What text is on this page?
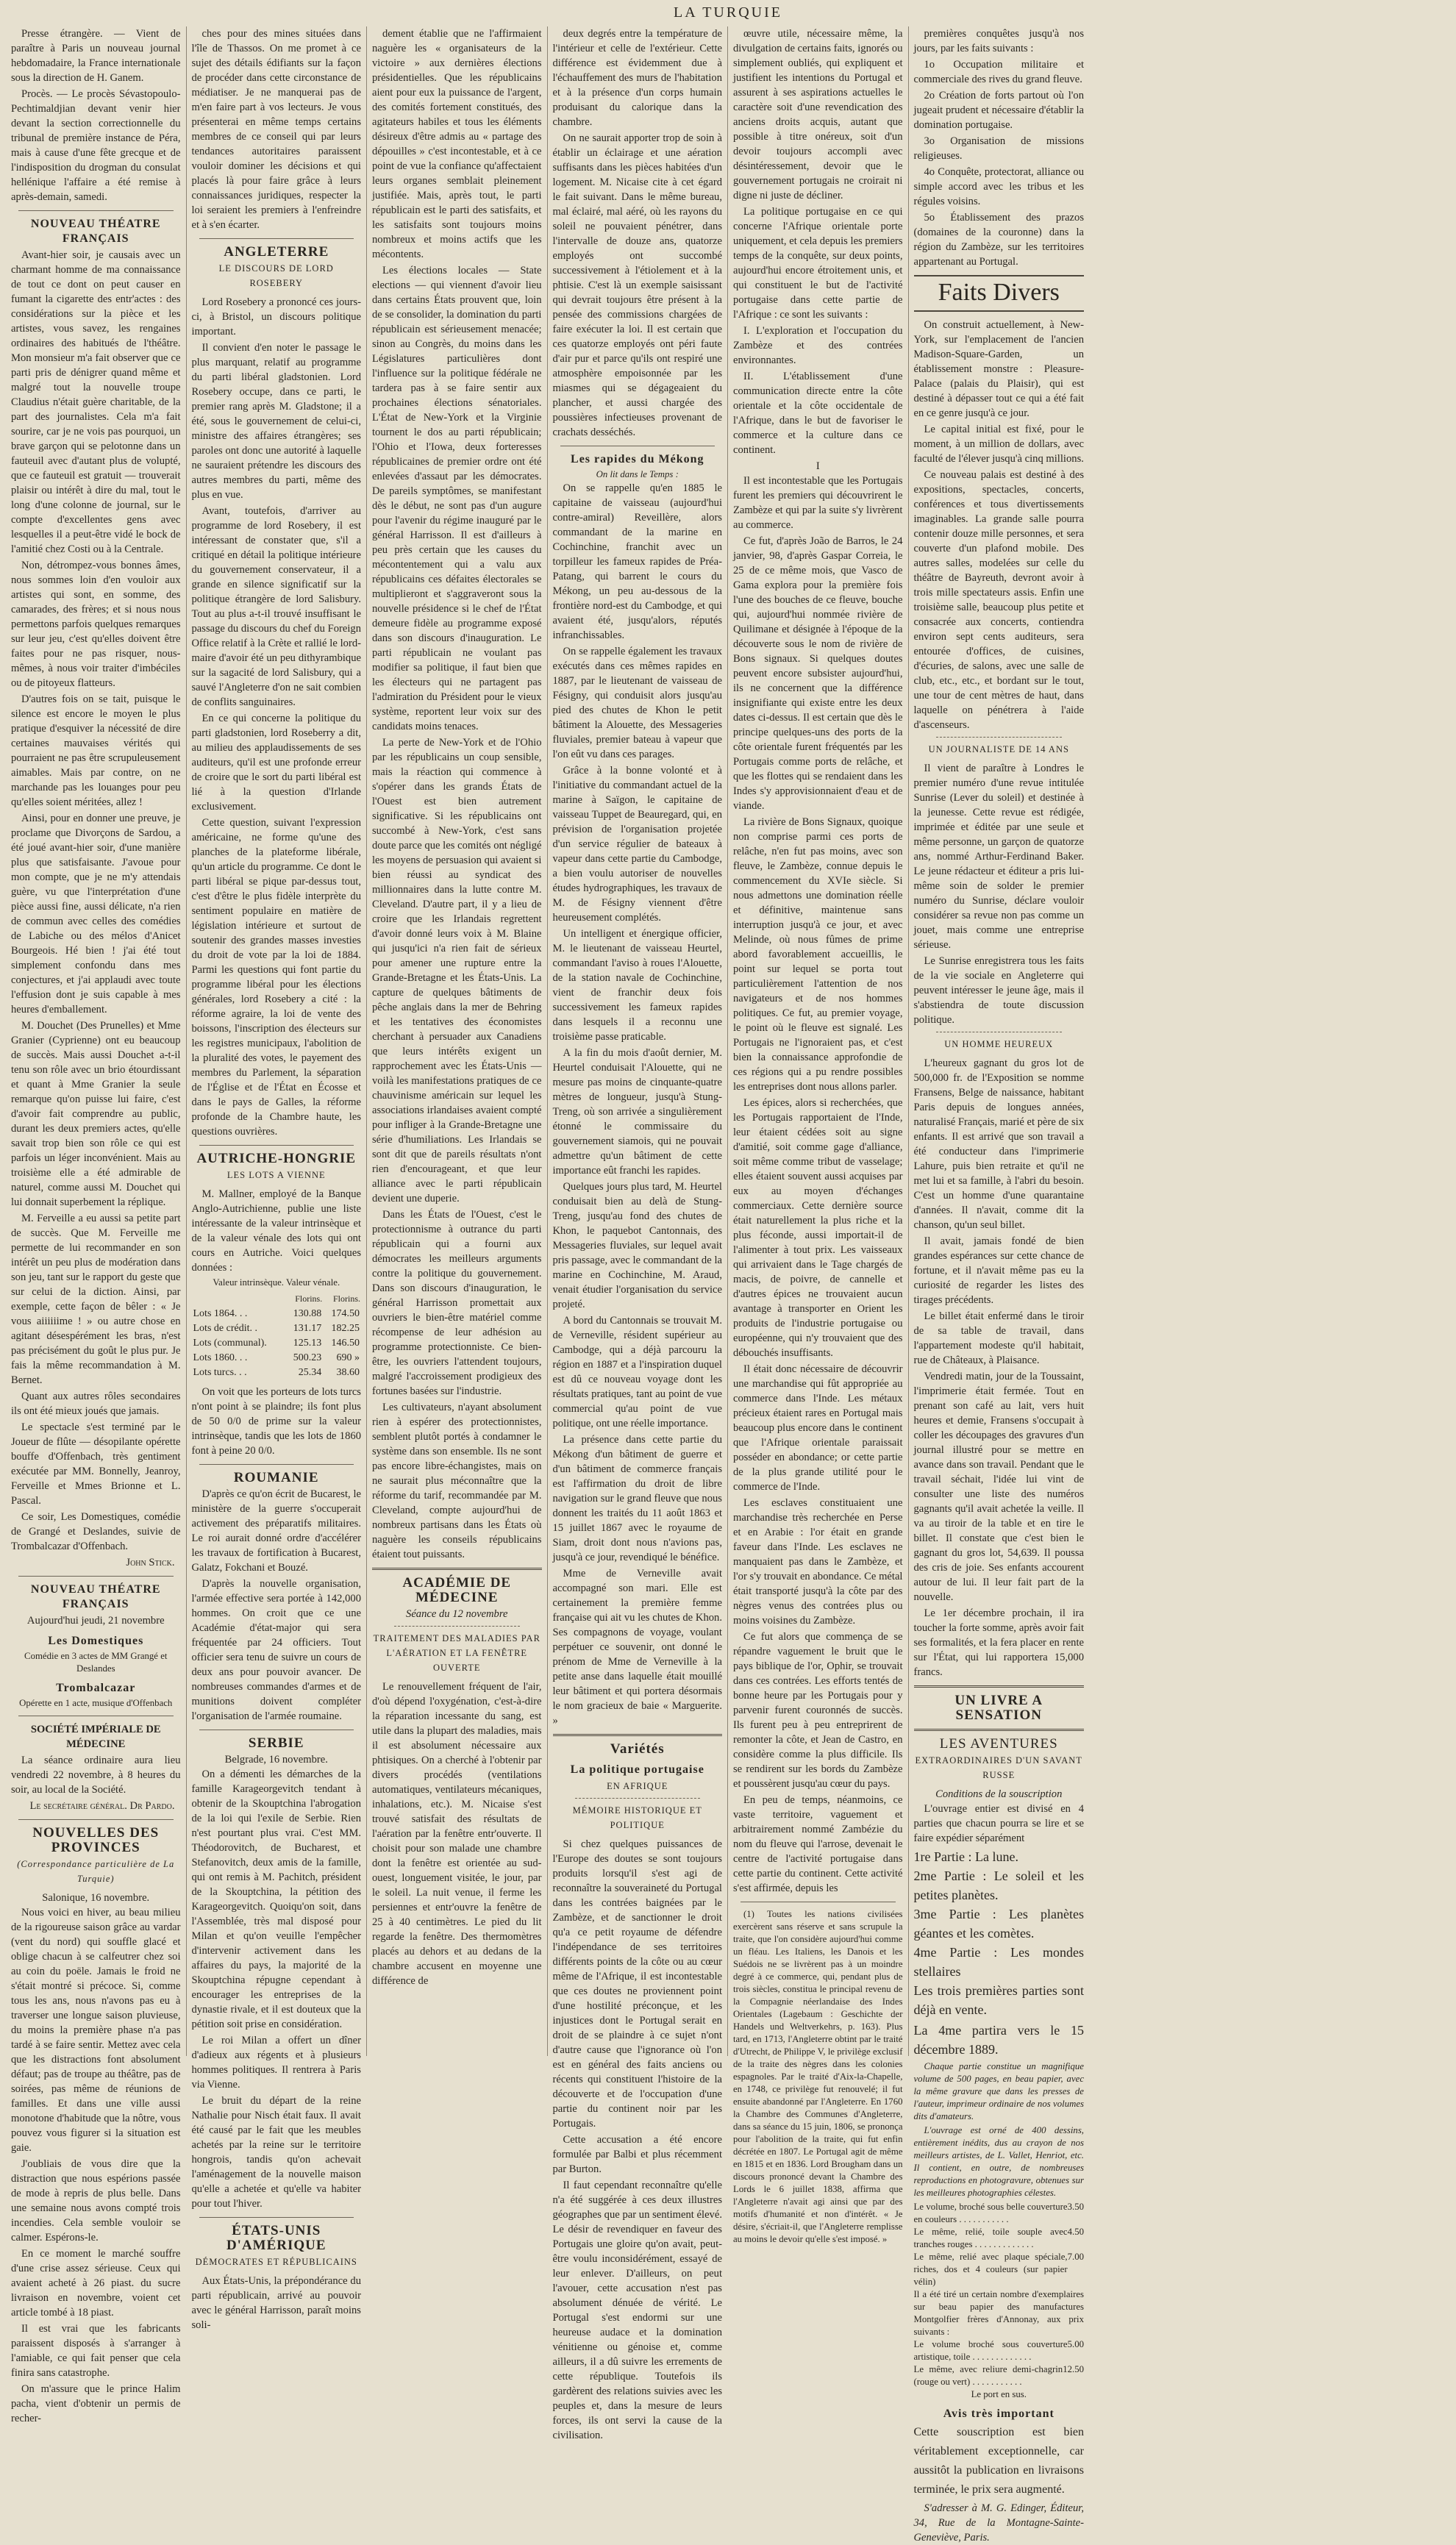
LA TURQUIE

Presse étrangère. — Vient de paraître à Paris un nouveau journal hebdomadaire, la France internationale sous la direction de H. Ganem.

Procès. — Le procès Sévastopoulo-Pechtimaldjian devant venir hier devant la section correctionnelle du tribunal de première instance de Péra, mais à cause d'une fête grecque et de l'indisposition du drogman du consulat hellénique l'affaire a été remise à après-demain, samedi.

NOUVEAU THÉATRE FRANÇAIS

Avant-hier soir, je causais avec un charmant homme de ma connaissance de tout ce dont on peut causer en fumant la cigarette des entr'actes : des considérations sur la pièce et les artistes, vous savez, les rengaines ordinaires des habitués de l'théâtre. Mon monsieur m'a fait observer que ce parti pris de dénigrer quand même et malgré tout la nouvelle troupe Claudius n'était guère charitable, de la part des journalistes. Cela m'a fait sourire, car je ne vois pas pourquoi, un brave garçon qui se pelotonne dans un fauteuil avec d'autant plus de volupté, que ce fauteuil est gratuit — trouverait plaisir ou intérêt à dire du mal, tout le long d'une colonne de journal, sur le compte d'excellentes gens avec lesquelles il a peut-être vidé le bock de l'amitié chez Costi ou à la Centrale.

Non, détrompez-vous bonnes âmes, nous sommes loin d'en vouloir aux artistes qui sont, en somme, des camarades, des frères; et si nous nous permettons parfois quelques remarques sur leur jeu, c'est qu'elles doivent être faites pour ne pas risquer, nous-mêmes, à nous voir traiter d'imbéciles ou de pitoyeux flatteurs.

D'autres fois on se tait, puisque le silence est encore le moyen le plus pratique d'esquiver la nécessité de dire certaines mauvaises vérités qui pourraient ne pas être scrupuleusement aimables. Mais par contre, on ne marchande pas les louanges pour peu qu'elles soient méritées, allez !

Ainsi, pour en donner une preuve, je proclame que Divorçons de Sardou, a été joué avant-hier soir, d'une manière plus que satisfaisante. J'avoue pour mon compte, que je ne m'y attendais guère, vu que l'interprétation d'une pièce aussi fine, aussi délicate, n'a rien de commun avec celles des comédies de Labiche ou des mélos d'Anicet Bourgeois. Hé bien ! j'ai été tout simplement confondu dans mes conjectures, et j'ai applaudi avec toute l'effusion dont je suis capable à mes heures d'emballement.

M. Douchet (Des Prunelles) et Mme Granier (Cyprienne) ont eu beaucoup de succès. Mais aussi Douchet a-t-il tenu son rôle avec un brio étourdissant et quant à Mme Granier la seule remarque qu'on puisse lui faire, c'est d'avoir fait comprendre au public, durant les deux premiers actes, qu'elle savait trop bien son rôle ce qui est parfois un léger inconvénient. Mais au troisième elle a été admirable de naturel, comme aussi M. Douchet qui lui donnait superbement la réplique.

M. Ferveille a eu aussi sa petite part de succès. Que M. Ferveille me permette de lui recommander en son intérêt un peu plus de modération dans son jeu, tant sur le rapport du geste que sur celui de la diction. Ainsi, par exemple, cette façon de bêler : « Je vous aiiiiiime ! » ou autre chose en agitant désespérément les bras, n'est pas précisément du goût le plus pur. Je fais la même recommandation à M. Bernet.

Quant aux autres rôles secondaires ils ont été mieux joués que jamais.

Le spectacle s'est terminé par le Joueur de flûte — désopilante opérette bouffe d'Offenbach, très gentiment exécutée par MM. Bonnelly, Jeanroy, Ferveille et Mmes Brionne et L. Pascal.

Ce soir, Les Domestiques, comédie de Grangé et Deslandes, suivie de Trombalcazar d'Offenbach.

John Stick.
NOUVEAU THÉATRE FRANÇAIS
Aujourd'hui jeudi, 21 novembre
Les Domestiques
Comédie en 3 actes de MM Grangé et Deslandes
Trombalcazar
Opérette en 1 acte, musique d'Offenbach
SOCIÉTÉ IMPÉRIALE DE MÉDECINE

La séance ordinaire aura lieu vendredi 22 novembre, à 8 heures du soir, au local de la Société.

Le secrétaire général. Dr Pardo.
NOUVELLES DES PROVINCES
(Correspondance particulière de La Turquie)
Salonique, 16 novembre.

Nous voici en hiver, au beau milieu de la rigoureuse saison grâce au vardar (vent du nord) qui souffle glacé et oblige chacun à se calfeutrer chez soi au coin du poële. Jamais le froid ne s'était montré si précoce. Si, comme tous les ans, nous n'avons pas eu à traverser une longue saison pluvieuse, du moins la première phase n'a pas tardé à se faire sentir. Mettez avec cela que les distractions font absolument défaut; pas de troupe au théâtre, pas de soirées, pas même de réunions de familles. Et dans une ville aussi monotone d'habitude que la nôtre, vous pouvez vous figurer si la situation est gaie.

J'oubliais de vous dire que la distraction que nous espérions passée de mode à repris de plus belle. Dans une semaine nous avons compté trois incendies. Cela semble vouloir se calmer. Espérons-le.

En ce moment le marché souffre d'une crise assez sérieuse. Ceux qui avaient acheté à 26 piast. du sucre livraison en novembre, voient cet article tombé à 18 piast.

Il est vrai que les fabricants paraissent disposés à s'arranger à l'amiable, ce qui fait penser que cela finira sans catastrophe.

On m'assure que le prince Halim pacha, vient d'obtenir un permis de recher-

ches pour des mines situées dans l'île de Thassos. On me promet à ce sujet des détails édifiants sur la façon de procéder dans cette circonstance de médiatiser. Je ne manquerai pas de m'en faire part à vos lecteurs. Je vous présenterai en même temps certains membres de ce conseil qui par leurs tendances autoritaires paraissent vouloir dominer les décisions et qui placés là pour faire grâce à leurs connaissances juridiques, respecter la loi seraient les premiers à l'enfreindre et à s'en écarter.

ANGLETERRE
LE DISCOURS DE LORD ROSEBERY

Lord Rosebery a prononcé ces jours-ci, à Bristol, un discours politique important.

Il convient d'en noter le passage le plus marquant, relatif au programme du parti libéral gladstonien. Lord Rosebery occupe, dans ce parti, le premier rang après M. Gladstone; il a été, sous le gouvernement de celui-ci, ministre des affaires étrangères; ses paroles ont donc une autorité à laquelle ne sauraient prétendre les discours des autres membres du parti, même des plus en vue.

Avant, toutefois, d'arriver au programme de lord Rosebery, il est intéressant de constater que, s'il a critiqué en détail la politique intérieure du gouvernement conservateur, il a grande en silence significatif sur la politique étrangère de lord Salisbury. Tout au plus a-t-il trouvé insuffisant le passage du discours du chef du Foreign Office relatif à la Crète et rallié le lord-maire d'avoir été un peu dithyrambique sur la sagacité de lord Salisbury, qui a sauvé l'Angleterre d'on ne sait combien de conflits sanguinaires.

En ce qui concerne la politique du parti gladstonien, lord Roseberry a dit, au milieu des applaudissements de ses auditeurs, qu'il est une profonde erreur de croire que le sort du parti libéral est lié à la question d'Irlande exclusivement.

Cette question, suivant l'expression américaine, ne forme qu'une des planches de la plateforme libérale, qu'un article du programme. Ce dont le parti libéral se pique par-dessus tout, c'est d'être le plus fidèle interprète du sentiment populaire en matière de législation intérieure et surtout de soutenir des grandes masses investies du droit de vote par la loi de 1884. Parmi les questions qui font partie du programme libéral pour les élections générales, lord Rosebery a cité : la réforme agraire, la loi de vente des boissons, l'inscription des électeurs sur les registres municipaux, l'abolition de la pluralité des votes, le payement des membres du Parlement, la séparation de l'Église et de l'État en Écosse et dans le pays de Galles, la réforme profonde de la Chambre haute, les questions ouvrières.

AUTRICHE-HONGRIE
LES LOTS A VIENNE

M. Mallner, employé de la Banque Anglo-Autrichienne, publie une liste intéressante de la valeur intrinsèque et de la valeur vénale des lots qui ont cours en Autriche. Voici quelques données :

Valeur intrinsèque. Valeur vénale.
	Florins.	Florins.
Lots 1864. . .	130.88	174.50
Lots de crédit. .	131.17	182.25
Lots (communal).	125.13	146.50
Lots 1860. . .	500.23	690 »
Lots turcs. . .	25.34	38.60

On voit que les porteurs de lots turcs n'ont point à se plaindre; ils font plus de 50 0/0 de prime sur la valeur intrinsèque, tandis que les lots de 1860 font à peine 20 0/0.

ROUMANIE

D'après ce qu'on écrit de Bucarest, le ministère de la guerre s'occuperait activement des préparatifs militaires. Le roi aurait donné ordre d'accélérer les travaux de fortification à Bucarest, Galatz, Fokchani et Bouzé.

D'après la nouvelle organisation, l'armée effective sera portée à 142,000 hommes. On croit que ce une Académie d'état-major qui sera fréquentée par 24 officiers. Tout officier sera tenu de suivre un cours de deux ans pour pouvoir avancer. De nombreuses commandes d'armes et de munitions doivent compléter l'organisation de l'armée roumaine.

SERBIE
Belgrade, 16 novembre.

On a démenti les démarches de la famille Karageorgevitch tendant à obtenir de la Skouptchina l'abrogation de la loi qui l'exile de Serbie. Rien n'est pourtant plus vrai. C'est MM. Théodorovitch, de Bucharest, et Stefanovitch, deux amis de la famille, qui ont remis à M. Pachitch, président de la Skouptchina, la pétition des Karageorgevitch. Quoiqu'on soit, dans l'Assemblée, très mal disposé pour Milan et qu'on veuille l'empêcher d'intervenir activement dans les affaires du pays, la majorité de la Skouptchina répugne cependant à encourager les entreprises de la dynastie rivale, et il est douteux que la pétition soit prise en considération.

Le roi Milan a offert un dîner d'adieux aux régents et à plusieurs hommes politiques. Il rentrera à Paris via Vienne.

Le bruit du départ de la reine Nathalie pour Nisch était faux. Il avait été causé par le fait que les meubles achetés par la reine sur le territoire hongrois, tandis qu'on achevait l'aménagement de la nouvelle maison qu'elle a achetée et qu'elle va habiter pour tout l'hiver.

ÉTATS-UNIS D'AMÉRIQUE
DÉMOCRATES ET RÉPUBLICAINS

Aux États-Unis, la prépondérance du parti républicain, arrivé au pouvoir avec le général Harrisson, paraît moins soli-

dement établie que ne l'affirmaient naguère les « organisateurs de la victoire » aux dernières élections présidentielles. Que les républicains aient pour eux la puissance de l'argent, des comités fortement constitués, des agitateurs habiles et tous les éléments désireux d'être admis au « partage des dépouilles » c'est incontestable, et à ce point de vue la confiance qu'affectaient leurs organes semblait pleinement justifiée. Mais, après tout, le parti républicain est le parti des satisfaits, et les satisfaits sont toujours moins nombreux et moins actifs que les mécontents.

Les élections locales — State elections — qui viennent d'avoir lieu dans certains États prouvent que, loin de se consolider, la domination du parti républicain est sérieusement menacée; sinon au Congrès, du moins dans les Législatures particulières dont l'influence sur la politique fédérale ne tardera pas à se faire sentir aux prochaines élections sénatoriales. L'État de New-York et la Virginie tournent le dos au parti républicain; l'Ohio et l'Iowa, deux forteresses républicaines de premier ordre ont été enlevées d'assaut par les démocrates. De pareils symptômes, se manifestant dès le début, ne sont pas d'un augure pour l'avenir du régime inauguré par le général Harrisson. Il est d'ailleurs à peu près certain que les causes du mécontentement qui a valu aux républicains ces défaites électorales se multiplieront et s'aggraveront sous la nouvelle présidence si le chef de l'État demeure fidèle au programme exposé dans son discours d'inauguration. Le parti républicain ne voulant pas modifier sa politique, il faut bien que les électeurs qui ne partagent pas l'admiration du Président pour le vieux système, reportent leur voix sur des candidats moins tenaces.

La perte de New-York et de l'Ohio par les républicains un coup sensible, mais la réaction qui commence à s'opérer dans les grands États de l'Ouest est bien autrement significative. Si les républicains ont succombé à New-York, c'est sans doute parce que les comités ont négligé les moyens de persuasion qui avaient si bien réussi au syndicat des millionnaires dans la lutte contre M. Cleveland. D'autre part, il y a lieu de croire que les Irlandais regrettent d'avoir donné leurs voix à M. Blaine qui jusqu'ici n'a rien fait de sérieux pour amener une rupture entre la Grande-Bretagne et les États-Unis. La capture de quelques bâtiments de pêche anglais dans la mer de Behring et les tentatives des économistes cherchant à persuader aux Canadiens que leurs intérêts exigent un rapprochement avec les États-Unis — voilà les manifestations pratiques de ce chauvinisme américain sur lequel les associations irlandaises avaient compté pour infliger à la Grande-Bretagne une série d'humiliations. Les Irlandais se sont dit que de pareils résultats n'ont rien d'encourageant, et que leur alliance avec le parti républicain devient une duperie.

Dans les États de l'Ouest, c'est le protectionnisme à outrance du parti républicain qui a fourni aux démocrates les meilleurs arguments contre la politique du gouvernement. Dans son discours d'inauguration, le général Harrisson promettait aux ouvriers le bien-être matériel comme récompense de leur adhésion au programme protectionniste. Ce bien-être, les ouvriers l'attendent toujours, malgré l'accroissement prodigieux des fortunes basées sur l'industrie.

Les cultivateurs, n'ayant absolument rien à espérer des protectionnistes, semblent plutôt portés à condamner le système dans son ensemble. Ils ne sont pas encore libre-échangistes, mais on ne saurait plus méconnaître que la réforme du tarif, recommandée par M. Cleveland, compte aujourd'hui de nombreux partisans dans les États où naguère les conseils républicains étaient tout puissants.

ACADÉMIE DE MÉDECINE
Séance du 12 novembre
TRAITEMENT DES MALADIES PAR L'AÉRATION ET LA FENÊTRE OUVERTE

Le renouvellement fréquent de l'air, d'où dépend l'oxygénation, c'est-à-dire la réparation incessante du sang, est utile dans la plupart des maladies, mais il est absolument nécessaire aux phtisiques. On a cherché à l'obtenir par divers procédés (ventilations automatiques, ventilateurs mécaniques, inhalations, etc.). M. Nicaise s'est trouvé satisfait des résultats de l'aération par la fenêtre entr'ouverte. Il choisit pour son malade une chambre dont la fenêtre est orientée au sud-ouest, longuement visitée, le jour, par le soleil. La nuit venue, il ferme les persiennes et entr'ouvre la fenêtre de 25 à 40 centimètres. Le pied du lit regarde la fenêtre. Des thermomètres placés au dehors et au dedans de la chambre accusent en moyenne une différence de

deux degrés entre la température de l'intérieur et celle de l'extérieur. Cette différence est évidemment due à l'échauffement des murs de l'habitation et à la présence d'un corps humain produisant du calorique dans la chambre.

On ne saurait apporter trop de soin à établir un éclairage et une aération suffisants dans les pièces habitées d'un logement. M. Nicaise cite à cet égard le fait suivant. Dans le même bureau, mal éclairé, mal aéré, où les rayons du soleil ne pouvaient pénétrer, dans l'intervalle de douze ans, quatorze employés ont succombé successivement à l'étiolement et à la phtisie. C'est là un exemple saisissant qui devrait toujours être présent à la pensée des commissions chargées de faire exécuter la loi. Il est certain que ces quatorze employés ont péri faute d'air pur et parce qu'ils ont respiré une atmosphère empoisonnée par les miasmes qui se dégageaient du plancher, et aussi chargée des poussières infectieuses provenant de crachats desséchés.

Les rapides du Mékong
On lit dans le Temps :

On se rappelle qu'en 1885 le capitaine de vaisseau (aujourd'hui contre-amiral) Reveillère, alors commandant de la marine en Cochinchine, franchit avec un torpilleur les fameux rapides de Préa-Patang, qui barrent le cours du Mékong, un peu au-dessous de la frontière nord-est du Cambodge, et qui avaient été, jusqu'alors, réputés infranchissables.

On se rappelle également les travaux exécutés dans ces mêmes rapides en 1887, par le lieutenant de vaisseau de Fésigny, qui conduisit alors jusqu'au pied des chutes de Khon le petit bâtiment la Alouette, des Messageries fluviales, premier bateau à vapeur que l'on eût vu dans ces parages.

Grâce à la bonne volonté et à l'initiative du commandant actuel de la marine à Saïgon, le capitaine de vaisseau Tuppet de Beauregard, qui, en prévision de l'organisation projetée d'un service régulier de bateaux à vapeur dans cette partie du Cambodge, a bien voulu autoriser de nouvelles études hydrographiques, les travaux de M. de Fésigny viennent d'être heureusement complétés.

Un intelligent et énergique officier, M. le lieutenant de vaisseau Heurtel, commandant l'aviso à roues l'Alouette, de la station navale de Cochinchine, vient de franchir deux fois successivement les fameux rapides dans lesquels il a reconnu une troisième passe praticable.

A la fin du mois d'août dernier, M. Heurtel conduisait l'Alouette, qui ne mesure pas moins de cinquante-quatre mètres de longueur, jusqu'à Stung-Treng, où son arrivée a singulièrement étonné le commissaire du gouvernement siamois, qui ne pouvait admettre qu'un bâtiment de cette importance eût franchi les rapides.

Quelques jours plus tard, M. Heurtel conduisait bien au delà de Stung-Treng, jusqu'au fond des chutes de Khon, le paquebot Cantonnais, des Messageries fluviales, sur lequel avait pris passage, avec le commandant de la marine en Cochinchine, M. Araud, venait étudier l'organisation du service projeté.

A bord du Cantonnais se trouvait M. de Verneville, résident supérieur au Cambodge, qui a déjà parcouru la région en 1887 et a l'inspiration duquel est dû ce nouveau voyage dont les résultats pratiques, tant au point de vue commercial qu'au point de vue politique, ont une réelle importance.

La présence dans cette partie du Mékong d'un bâtiment de guerre et d'un bâtiment de commerce français est l'affirmation du droit de libre navigation sur le grand fleuve que nous donnent les traités du 11 août 1863 et 15 juillet 1867 avec le royaume de Siam, droit dont nous n'avions pas, jusqu'à ce jour, revendiqué le bénéfice.

Mme de Verneville avait accompagné son mari. Elle est certainement la première femme française qui ait vu les chutes de Khon. Ses compagnons de voyage, voulant perpétuer ce souvenir, ont donné le prénom de Mme de Verneville à la petite anse dans laquelle était mouillé leur bâtiment et qui portera désormais le nom gracieux de baie « Marguerite. »

Variétés
La politique portugaise
EN AFRIQUE
MÉMOIRE HISTORIQUE ET POLITIQUE

Si chez quelques puissances de l'Europe des doutes se sont toujours produits lorsqu'il s'est agi de reconnaître la souveraineté du Portugal dans les contrées baignées par le Zambèze, et de sanctionner le droit qu'a ce petit royaume de défendre l'indépendance de ses territoires différents points de la côte ou au cœur même de l'Afrique, il est incontestable que ces doutes ne proviennent point d'une hostilité préconçue, et les injustices dont le Portugal serait en droit de se plaindre à ce sujet n'ont d'autre cause que l'ignorance où l'on est en général des faits anciens ou récents qui constituent l'histoire de la découverte et de l'occupation d'une partie du continent noir par les Portugais.

Cette accusation a été encore formulée par Balbi et plus récemment par Burton.

Il faut cependant reconnaître qu'elle n'a été suggérée à ces deux illustres géographes que par un sentiment élevé. Le désir de revendiquer en faveur des Portugais une gloire qu'on avait, peut-être voulu inconsidérément, essayé de leur enlever. D'ailleurs, on peut l'avouer, cette accusation n'est pas absolument dénuée de vérité. Le Portugal s'est endormi sur une heureuse audace et la domination vénitienne ou génoise et, comme ailleurs, il a dû suivre les errements de cette république. Toutefois ils gardèrent des relations suivies avec les peuples et, dans la mesure de leurs forces, ils ont servi la cause de la civilisation.

œuvre utile, nécessaire même, la divulgation de certains faits, ignorés ou simplement oubliés, qui expliquent et justifient les intentions du Portugal et assurent à ses aspirations actuelles le caractère soit d'une revendication des anciens droits acquis, autant que possible à titre onéreux, soit d'un devoir toujours accompli avec désintéressement, devoir que le gouvernement portugais ne croirait ni digne ni juste de décliner.

La politique portugaise en ce qui concerne l'Afrique orientale porte uniquement, et cela depuis les premiers temps de la conquête, sur deux points, aujourd'hui encore étroitement unis, et qui constituent le but de l'activité portugaise dans cette partie de l'Afrique : ce sont les suivants :

I. L'exploration et l'occupation du Zambèze et des contrées environnantes.

II. L'établissement d'une communication directe entre la côte orientale et la côte occidentale de l'Afrique, dans le but de favoriser le commerce et la culture dans ce continent.

I

Il est incontestable que les Portugais furent les premiers qui découvrirent le Zambèze et qui par la suite s'y livrèrent au commerce.

Ce fut, d'après João de Barros, le 24 janvier, 98, d'après Gaspar Correia, le 25 de ce même mois, que Vasco de Gama explora pour la première fois l'une des bouches de ce fleuve, bouche qui, aujourd'hui nommée rivière de Quilimane et désignée à l'époque de la découverte sous le nom de rivière de Bons signaux. Si quelques doutes peuvent encore subsister aujourd'hui, ils ne concernent que la différence insignifiante qui existe entre les deux dates ci-dessus. Il est certain que dès le principe quelques-uns des ports de la côte orientale furent fréquentés par les Portugais comme ports de relâche, et que les flottes qui se rendaient dans les Indes s'y approvisionnaient d'eau et de viande.

La rivière de Bons Signaux, quoique non comprise parmi ces ports de relâche, n'en fut pas moins, avec son fleuve, le Zambèze, connue depuis le commencement du XVIe siècle. Si nous admettons une domination réelle et définitive, maintenue sans interruption jusqu'à ce jour, et avec Melinde, où nous fûmes de prime abord favorablement accueillis, le point sur lequel se porta tout particulièrement l'attention de nos navigateurs et de nos hommes politiques. Ce fut, au premier voyage, le point où le fleuve est signalé. Les Portugais ne l'ignoraient pas, et c'est bien la connaissance approfondie de ces régions qui a pu rendre possibles les entreprises dont nous allons parler.

Les épices, alors si recherchées, que les Portugais rapportaient de l'Inde, leur étaient cédées soit au signe d'amitié, soit comme gage d'alliance, soit même comme tribut de vasselage; elles étaient souvent aussi acquises par eux au moyen d'échanges commerciaux. Cette dernière source était naturellement la plus riche et la plus féconde, aussi importait-il de l'alimenter à tout prix. Les vaisseaux qui arrivaient dans le Tage chargés de macis, de poivre, de cannelle et d'autres épices ne trouvaient aucun avantage à transporter en Orient les produits de l'industrie portugaise ou européenne, qui n'y trouvaient que des débouchés insuffisants.

Il était donc nécessaire de découvrir une marchandise qui fût appropriée au commerce dans l'Inde. Les métaux précieux étaient rares en Portugal mais beaucoup plus encore dans le continent que l'Afrique orientale paraissait posséder en abondance; or cette partie de la plus grande utilité pour le commerce de l'Inde.

Les esclaves constituaient une marchandise très recherchée en Perse et en Arabie : l'or était en grande faveur dans l'Inde. Les esclaves ne manquaient pas dans le Zambèze, et l'or s'y trouvait en abondance. Ce métal était transporté jusqu'à la côte par des nègres venus des contrées plus ou moins voisines du Zambèze.

Ce fut alors que commença de se répandre vaguement le bruit que le pays biblique de l'or, Ophir, se trouvait dans ces contrées. Les efforts tentés de bonne heure par les Portugais pour y parvenir furent couronnés de succès. Ils furent peu à peu entreprirent de remonter la côte, et Jean de Castro, en considère comme la plus difficile. Ils se rendirent sur les bords du Zambèze et poussèrent jusqu'au cœur du pays.

En peu de temps, néanmoins, ce vaste territoire, vaguement et arbitrairement nommé Zambézie du nom du fleuve qui l'arrose, devenait le centre de l'activité portugaise dans cette partie du continent. Cette activité s'est affirmée, depuis les

(1) Toutes les nations civilisées exercèrent sans réserve et sans scrupule la traite, que l'on considère aujourd'hui comme un fléau. Les Italiens, les Danois et les Suédois ne se livrèrent pas à un moindre degré à ce commerce, qui, pendant plus de trois siècles, constitua le principal revenu de la Compagnie néerlandaise des Indes Orientales (Lagebaum : Geschichte der Handels und Weltverkehrs, p. 163). Plus tard, en 1713, l'Angleterre obtint par le traité d'Utrecht, de Philippe V, le privilège exclusif de la traite des nègres dans les colonies espagnoles. Par le traité d'Aix-la-Chapelle, en 1748, ce privilège fut renouvelé; il fut ensuite abandonné par l'Angleterre. En 1760 la Chambre des Communes d'Angleterre, dans sa séance du 15 juin, 1806, se prononça pour l'abolition de la traite, qui fut enfin décrétée en 1807. Le Portugal agit de même en 1815 et en 1836. Lord Brougham dans un discours prononcé devant la Chambre des Lords le 6 juillet 1838, affirma que l'Angleterre n'avait agi ainsi que par des motifs d'humanité et non d'intérêt. « Je désire, s'écriait-il, que l'Angleterre remplisse au moins le devoir qu'elle s'est imposé. »

premières conquêtes jusqu'à nos jours, par les faits suivants :

1o Occupation militaire et commerciale des rives du grand fleuve.

2o Création de forts partout où l'on jugeait prudent et nécessaire d'établir la domination portugaise.

3o Organisation de missions religieuses.

4o Conquête, protectorat, alliance ou simple accord avec les tribus et les régules voisins.

5o Établissement des prazos (domaines de la couronne) dans la région du Zambèze, sur les territoires appartenant au Portugal.

Faits Divers

On construit actuellement, à New-York, sur l'emplacement de l'ancien Madison-Square-Garden, un établissement monstre : Pleasure-Palace (palais du Plaisir), qui est destiné à dépasser tout ce qui a été fait en ce genre jusqu'à ce jour.

Le capital initial est fixé, pour le moment, à un million de dollars, avec faculté de l'élever jusqu'à cinq millions.

Ce nouveau palais est destiné à des expositions, spectacles, concerts, conférences et tous divertissements imaginables. La grande salle pourra contenir douze mille personnes, et sera couverte d'un plafond mobile. Des autres salles, modelées sur celle du théâtre de Bayreuth, devront avoir à trois mille spectateurs assis. Enfin une troisième salle, beaucoup plus petite et consacrée aux concerts, contiendra environ sept cents auditeurs, sera entourée d'offices, de cuisines, d'écuries, de salons, avec une salle de club, etc., etc., et bordant sur le tout, une tour de cent mètres de haut, dans laquelle on pénétrera à l'aide d'ascenseurs.

UN JOURNALISTE DE 14 ANS

Il vient de paraître à Londres le premier numéro d'une revue intitulée Sunrise (Lever du soleil) et destinée à la jeunesse. Cette revue est rédigée, imprimée et éditée par une seule et même personne, un garçon de quatorze ans, nommé Arthur-Ferdinand Baker. Le jeune rédacteur et éditeur a pris lui-même soin de solder le premier numéro du Sunrise, déclare vouloir considérer sa revue non pas comme un jouet, mais comme une entreprise sérieuse.

Le Sunrise enregistrera tous les faits de la vie sociale en Angleterre qui peuvent intéresser le jeune âge, mais il s'abstiendra de toute discussion politique.

UN HOMME HEUREUX

L'heureux gagnant du gros lot de 500,000 fr. de l'Exposition se nomme Fransens, Belge de naissance, habitant Paris depuis de longues années, naturalisé Français, marié et père de six enfants. Il est arrivé que son travail a été conducteur dans l'imprimerie Lahure, puis bien retraite et qu'il ne met lui et sa famille, à l'abri du besoin. C'est un homme d'une quarantaine d'années. Il n'avait, comme dit la chanson, qu'un seul billet.

Il avait, jamais fondé de bien grandes espérances sur cette chance de fortune, et il n'avait même pas eu la curiosité de regarder les listes des tirages précédents.

Le billet était enfermé dans le tiroir de sa table de travail, dans l'appartement modeste qu'il habitait, rue de Châteaux, à Plaisance.

Vendredi matin, jour de la Toussaint, l'imprimerie était fermée. Tout en prenant son café au lait, vers huit heures et demie, Fransens s'occupait à coller les découpages des gravures d'un journal illustré pour se mettre en avance dans son travail. Pendant que le travail séchait, l'idée lui vint de consulter une liste des numéros gagnants qu'il avait achetée la veille. Il va au tiroir de la table et en tire le billet. Il constate que c'est bien le gagnant du gros lot, 54,639. Il poussa des cris de joie. Ses enfants accourent autour de lui. Il leur fait part de la nouvelle.

Le 1er décembre prochain, il ira toucher la forte somme, après avoir fait ses formalités, et la fera placer en rente sur l'État, qui lui rapportera 15,000 francs.

UN LIVRE A SENSATION
LES AVENTURES
EXTRAORDINAIRES D'UN SAVANT RUSSE
Conditions de la souscription

L'ouvrage entier est divisé en 4 parties que chacun pourra se lire et se faire expédier séparément

1re Partie : La lune.
2me Partie : Le soleil et les petites planètes.
3me Partie : Les planètes géantes et les comètes.
4me Partie : Les mondes stellaires

Les trois premières parties sont déjà en vente.

La 4me partira vers le 15 décembre 1889.

Chaque partie constitue un magnifique volume de 500 pages, en beau papier, avec la même gravure que dans les presses de l'auteur, imprimeur ordinaire de nos volumes dits d'amateurs.

L'ouvrage est orné de 400 dessins, entièrement inédits, dus au crayon de nos meilleurs artistes, de L. Vallet, Henriot, etc. Il contient, en outre, de nombreuses reproductions en photogravure, obtenues sur les meilleures photographies célestes.

Le volume, broché sous belle couverture en couleurs . . . . . . . . . . .
3.50
Le même, relié, toile souple avec tranches rouges . . . . . . . . . . . . .
4.50
Le même, relié avec plaque spéciale, riches, dos et 4 couleurs (sur papier vélin)
7.00
Il a été tiré un certain nombre d'exemplaires sur beau papier des manufactures Montgolfier frères d'Annonay, aux prix suivants :
Le volume broché sous couverture artistique, toile . . . . . . . . . . . . .
5.00
Le même, avec reliure demi-chagrin (rouge ou vert) . . . . . . . . . . .
12.50
Le port en sus.
Avis très important

Cette souscription est bien véritablement exceptionnelle, car aussitôt la publication en livraisons terminée, le prix sera augmenté.

S'adresser à M. G. Edinger, Éditeur, 34, Rue de la Montagne-Sainte-Geneviève, Paris.
